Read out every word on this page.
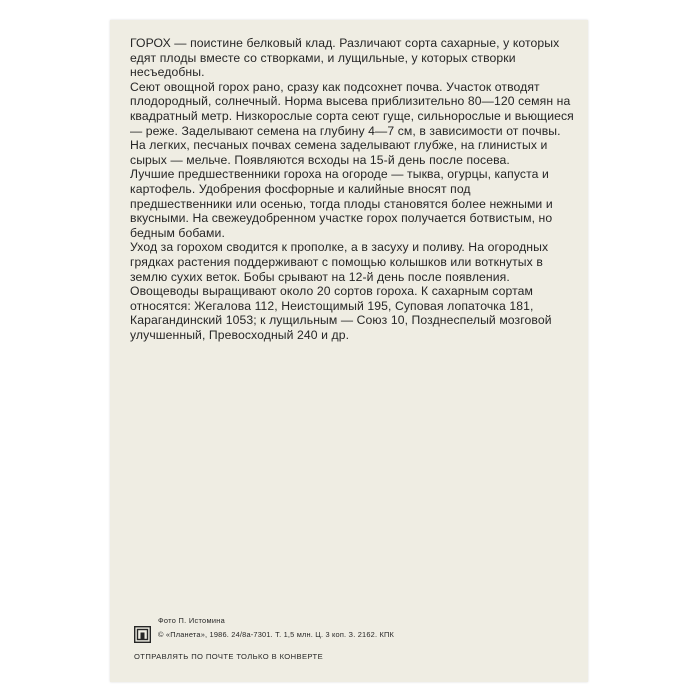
ГОРОХ — поистине белковый клад. Различают сорта сахарные, у которых едят плоды вместе со створками, и лущильные, у которых створки несъедобны.

Сеют овощной горох рано, сразу как подсохнет почва. Участок отводят плодородный, солнечный. Норма высева приблизительно 80—120 семян на квадратный метр. Низкорослые сорта сеют гуще, сильнорослые и вьющиеся — реже. Заделывают семена на глубину 4—7 см, в зависимости от почвы. На легких, песчаных почвах семена заделывают глубже, на глинистых и сырых — мельче. Появляются всходы на 15-й день после посева.

Лучшие предшественники гороха на огороде — тыква, огурцы, капуста и картофель. Удобрения фосфорные и калийные вносят под предшественники или осенью, тогда плоды становятся более нежными и вкусными. На свежеудобренном участке горох получается ботвистым, но бедным бобами.

Уход за горохом сводится к прополке, а в засуху и поливу. На огородных грядках растения поддерживают с помощью колышков или воткнутых в землю сухих веток. Бобы срывают на 12-й день после появления.

Овощеводы выращивают около 20 сортов гороха. К сахарным сортам относятся: Жегалова 112, Неистощимый 195, Суповая лопаточка 181, Карагандинский 1053; к лущильным — Союз 10, Позднеспелый мозговой улучшенный, Превосходный 240 и др.

Фото П. Истомина
© «Планета», 1986. 24/8а-7301. Т. 1,5 млн. Ц. 3 коп. З. 2162. КПК
ОТПРАВЛЯТЬ ПО ПОЧТЕ ТОЛЬКО В КОНВЕРТЕ
